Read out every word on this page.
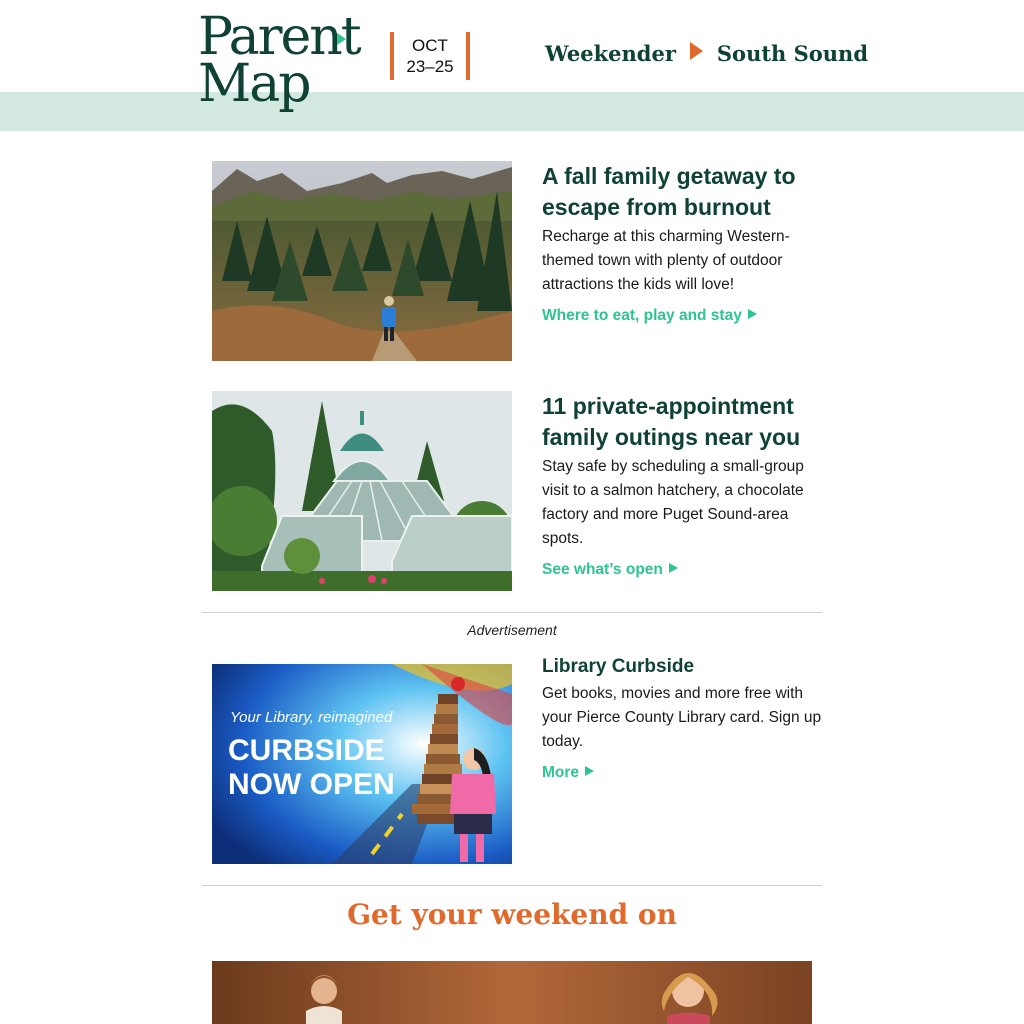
Parent
Map
OCT
23–25
Weekender South Sound
A fall family getaway to escape from burnout

Recharge at this charming Western-themed town with plenty of outdoor attractions the kids will love!

Where to eat, play and stay
11 private-appointment family outings near you

Stay safe by scheduling a small-group visit to a salmon hatchery, a chocolate factory and more Puget Sound-area spots.

See what’s open
Advertisement
Your Library, reimagined
CURBSIDE
NOW OPEN
Library Curbside

Get books, movies and more free with your Pierce County Library card. Sign up today.

More
Get your weekend on
